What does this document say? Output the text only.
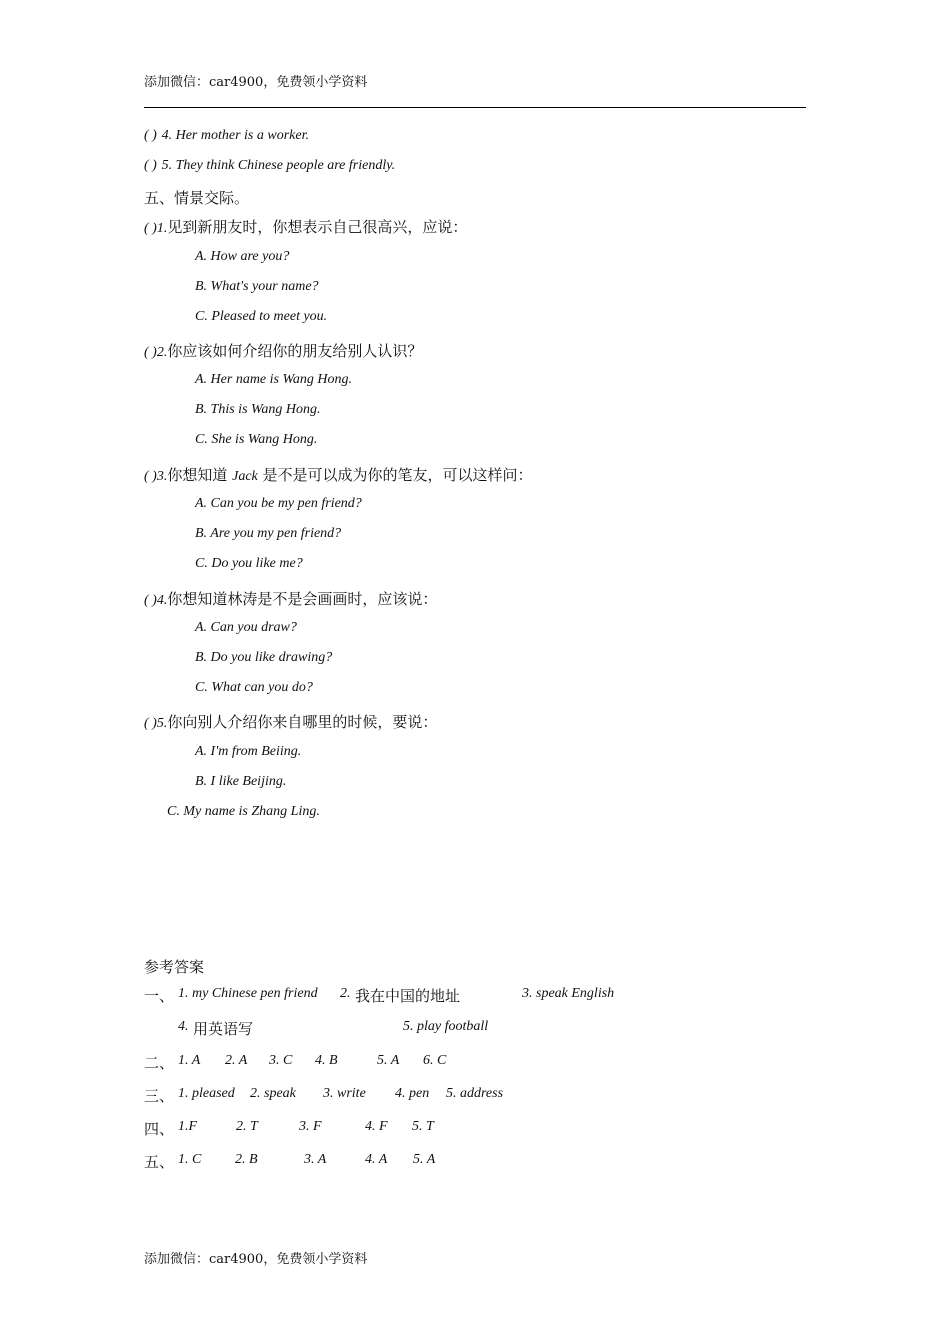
添加微信：car4900，免费领小学资料
( ) 4. Her mother is a worker.
( ) 5. They think Chinese people are friendly.
五、情景交际。
( )1.见到新朋友时，你想表示自己很高兴，应说：
A. How are you?
B. What's your name?
C. Pleased to meet you.
( )2.你应该如何介绍你的朋友给别人认识？
A. Her name is Wang Hong.
B. This is Wang Hong.
C. She is Wang Hong.
( )3.你想知道 Jack 是不是可以成为你的笔友，可以这样问：
A. Can you be my pen friend?
B. Are you my pen friend?
C. Do you like me?
( )4.你想知道林涛是不是会画画时，应该说：
A. Can you draw?
B. Do you like drawing?
C. What can you do?
( )5.你向别人介绍你来自哪里的时候，要说：
A. I'm from Beiing.
B. I like Beijing.
C. My name is Zhang Ling.
参考答案
一、 1. my Chinese pen friend 2. 我在中国的地址	3. speak English
4. 用英语写	5. play football
二、 1. A 2. A 3. C 4. B	5. A 6. C
三、 1. pleased 2. speak 3. write 4. pen 5. address
四、 1.F	2. T	3. F	4. F 5. T
五、 1. C 2. B	3. A	4. A 5. A
添加微信：car4900，免费领小学资料
